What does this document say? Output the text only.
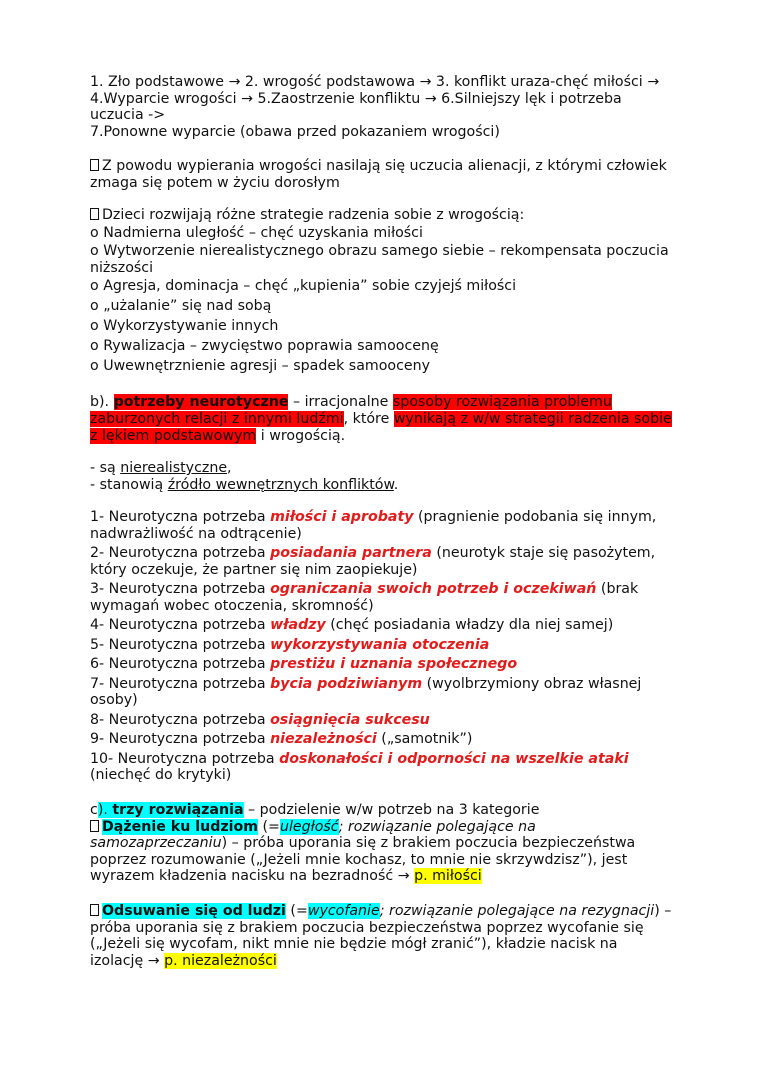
1. Zło podstawowe → 2. wrogość podstawowa → 3. konflikt uraza-chęć miłości →
4.Wyparcie wrogości → 5.Zaostrzenie konfliktu → 6.Silniejszy lęk i potrzeba
uczucia ->
7.Ponowne wyparcie (obawa przed pokazaniem wrogości)
Z powodu wypierania wrogości nasilają się uczucia alienacji, z którymi człowiek
zmaga się potem w życiu dorosłym
Dzieci rozwijają różne strategie radzenia sobie z wrogością:
o Nadmierna uległość – chęć uzyskania miłości
o Wytworzenie nierealistycznego obrazu samego siebie – rekompensata poczucia
niższości
o Agresja, dominacja – chęć „kupienia” sobie czyjejś miłości
o „użalanie” się nad sobą
o Wykorzystywanie innych
o Rywalizacja – zwycięstwo poprawia samoocenę
o Uwewnętrznienie agresji – spadek samooceny
b). potrzeby neurotyczne – irracjonalne sposoby rozwiązania problemu
zaburzonych relacji z innymi ludźmi, które wynikają z w/w strategii radzenia sobie
z lękiem podstawowym i wrogością.
- są nierealistyczne,
- stanowią źródło wewnętrznych konfliktów.
1- Neurotyczna potrzeba miłości i aprobaty (pragnienie podobania się innym,
nadwrażliwość na odtrącenie)
2- Neurotyczna potrzeba posiadania partnera (neurotyk staje się pasożytem,
który oczekuje, że partner się nim zaopiekuje)
3- Neurotyczna potrzeba ograniczania swoich potrzeb i oczekiwań (brak
wymagań wobec otoczenia, skromność)
4- Neurotyczna potrzeba władzy (chęć posiadania władzy dla niej samej)
5- Neurotyczna potrzeba wykorzystywania otoczenia
6- Neurotyczna potrzeba prestiżu i uznania społecznego
7- Neurotyczna potrzeba bycia podziwianym (wyolbrzymiony obraz własnej
osoby)
8- Neurotyczna potrzeba osiągnięcia sukcesu
9- Neurotyczna potrzeba niezależności („samotnik”)
10- Neurotyczna potrzeba doskonałości i odporności na wszelkie ataki
(niechęć do krytyki)
c). trzy rozwiązania – podzielenie w/w potrzeb na 3 kategorie
Dążenie ku ludziom (=uległość; rozwiązanie polegające na
samozaprzeczaniu) – próba uporania się z brakiem poczucia bezpieczeństwa
poprzez rozumowanie („Jeżeli mnie kochasz, to mnie nie skrzywdzisz”), jest
wyrazem kładzenia nacisku na bezradność → p. miłości
Odsuwanie się od ludzi (=wycofanie; rozwiązanie polegające na rezygnacji) –
próba uporania się z brakiem poczucia bezpieczeństwa poprzez wycofanie się
(„Jeżeli się wycofam, nikt mnie nie będzie mógł zranić”), kładzie nacisk na
izolację → p. niezależności
